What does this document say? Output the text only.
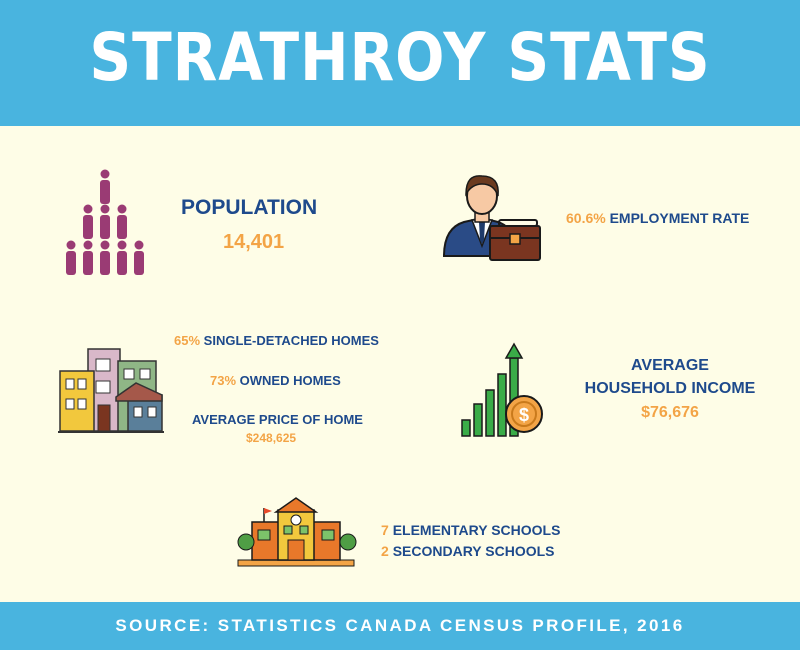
STRATHROY STATS
POPULATION
14,401
60.6% EMPLOYMENT RATE
65% SINGLE-DETACHED HOMES
73% OWNED HOMES
AVERAGE PRICE OF HOME
$248,625
$
AVERAGE
HOUSEHOLD INCOME
$76,676
7 ELEMENTARY SCHOOLS
2 SECONDARY SCHOOLS
SOURCE: STATISTICS CANADA CENSUS PROFILE, 2016
